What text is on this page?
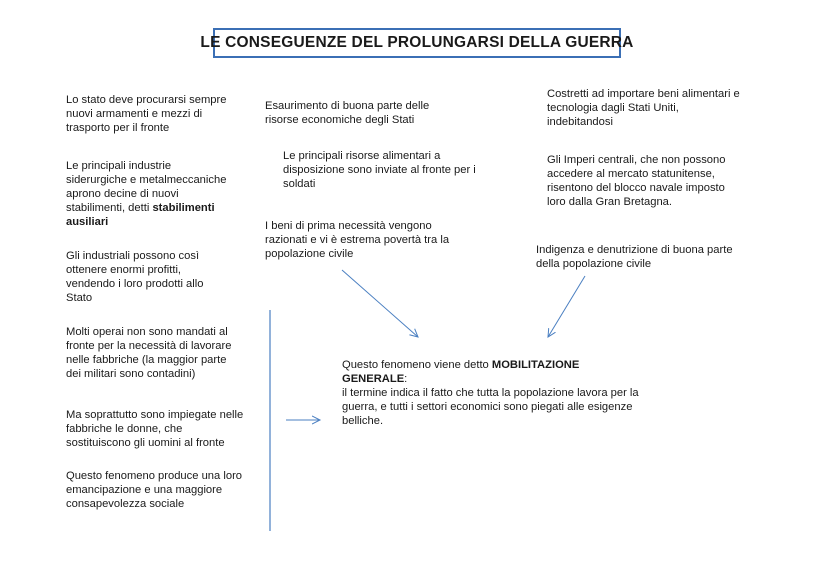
LE CONSEGUENZE DEL PROLUNGARSI DELLA GUERRA
Lo stato deve procurarsi sempre nuovi armamenti e mezzi di trasporto per il fronte
Le principali industrie siderurgiche e metalmeccaniche aprono decine di nuovi stabilimenti, detti stabilimenti ausiliari
Gli industriali possono così ottenere enormi profitti, vendendo i loro prodotti allo Stato
Molti operai non sono mandati al fronte per la necessità di lavorare nelle fabbriche (la maggior parte dei militari sono contadini)
Ma soprattutto sono impiegate nelle fabbriche le donne, che sostituiscono gli uomini al fronte
Questo fenomeno produce una loro emancipazione e una maggiore consapevolezza sociale
Esaurimento di buona parte delle risorse economiche degli Stati
Le principali risorse alimentari a disposizione sono inviate al fronte per i soldati
I beni di prima necessità vengono razionati e vi è estrema povertà tra la popolazione civile
Costretti ad importare beni alimentari e tecnologia dagli Stati Uniti, indebitandosi
Gli Imperi centrali, che non possono accedere al mercato statunitense, risentono del blocco navale imposto loro dalla Gran Bretagna.
Indigenza e denutrizione di buona parte della popolazione civile
Questo fenomeno viene detto MOBILITAZIONE GENERALE:
il termine indica il fatto che tutta la popolazione lavora per la guerra, e tutti i settori economici sono piegati alle esigenze belliche.
